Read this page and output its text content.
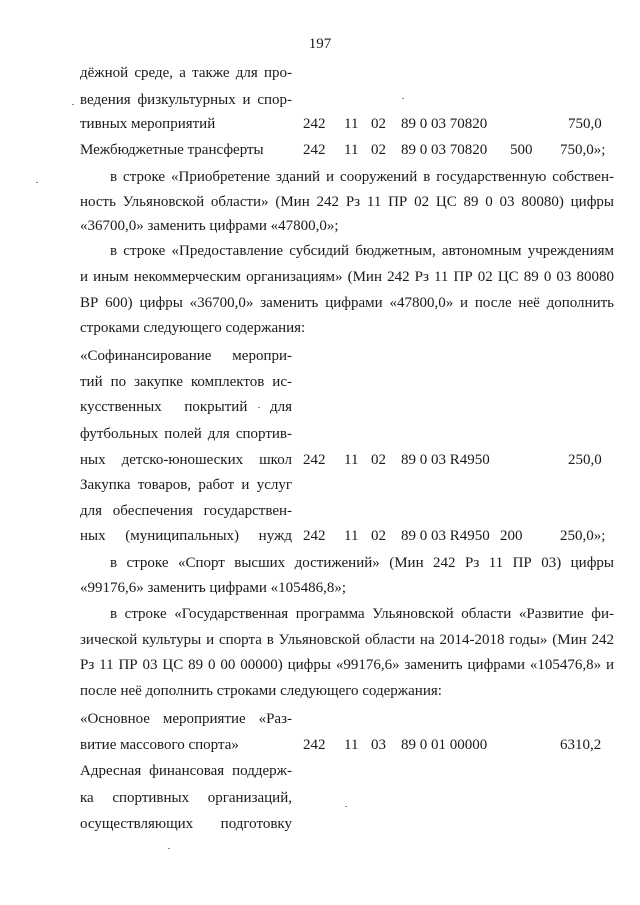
197
дёжной среде, а также для про-
ведения физкультурных и спор-
тивных мероприятий	242 11 02 89 0 03 70820	750,0
Межбюджетные трансферты	242 11 02 89 0 03 70820 500 750,0»;
в строке «Приобретение зданий и сооружений в государственную собствен-
ность Ульяновской области» (Мин 242 Рз 11 ПР 02 ЦС 89 0 03 80080) цифры
«36700,0» заменить цифрами «47800,0»;
в строке «Предоставление субсидий бюджетным, автономным учреждениям
и иным некоммерческим организациям» (Мин 242 Рз 11 ПР 02 ЦС 89 0 03 80080
ВР 600) цифры «36700,0» заменить цифрами «47800,0» и после неё дополнить
строками следующего содержания:
«Софинансирование меропри-
тий по закупке комплектов ис-
кусственных покрытий для
футбольных полей для спортив-
ных детско-юношеских школ 242 11 02 89 0 03 R4950	250,0
Закупка товаров, работ и услуг
для обеспечения государствен-
ных (муниципальных) нужд 242 11 02 89 0 03 R4950 200	250,0»;
в строке «Спорт высших достижений» (Мин 242 Рз 11 ПР 03) цифры
«99176,6» заменить цифрами «105486,8»;
в строке «Государственная программа Ульяновской области «Развитие фи-
зической культуры и спорта в Ульяновской области на 2014-2018 годы» (Мин 242
Рз 11 ПР 03 ЦС 89 0 00 00000) цифры «99176,6» заменить цифрами «105476,8» и
после неё дополнить строками следующего содержания:
«Основное мероприятие «Раз-
витие массового спорта»	242 11 03 89 0 01 00000	6310,2
Адресная финансовая поддерж-
ка спортивных организаций,
осуществляющих подготовку
